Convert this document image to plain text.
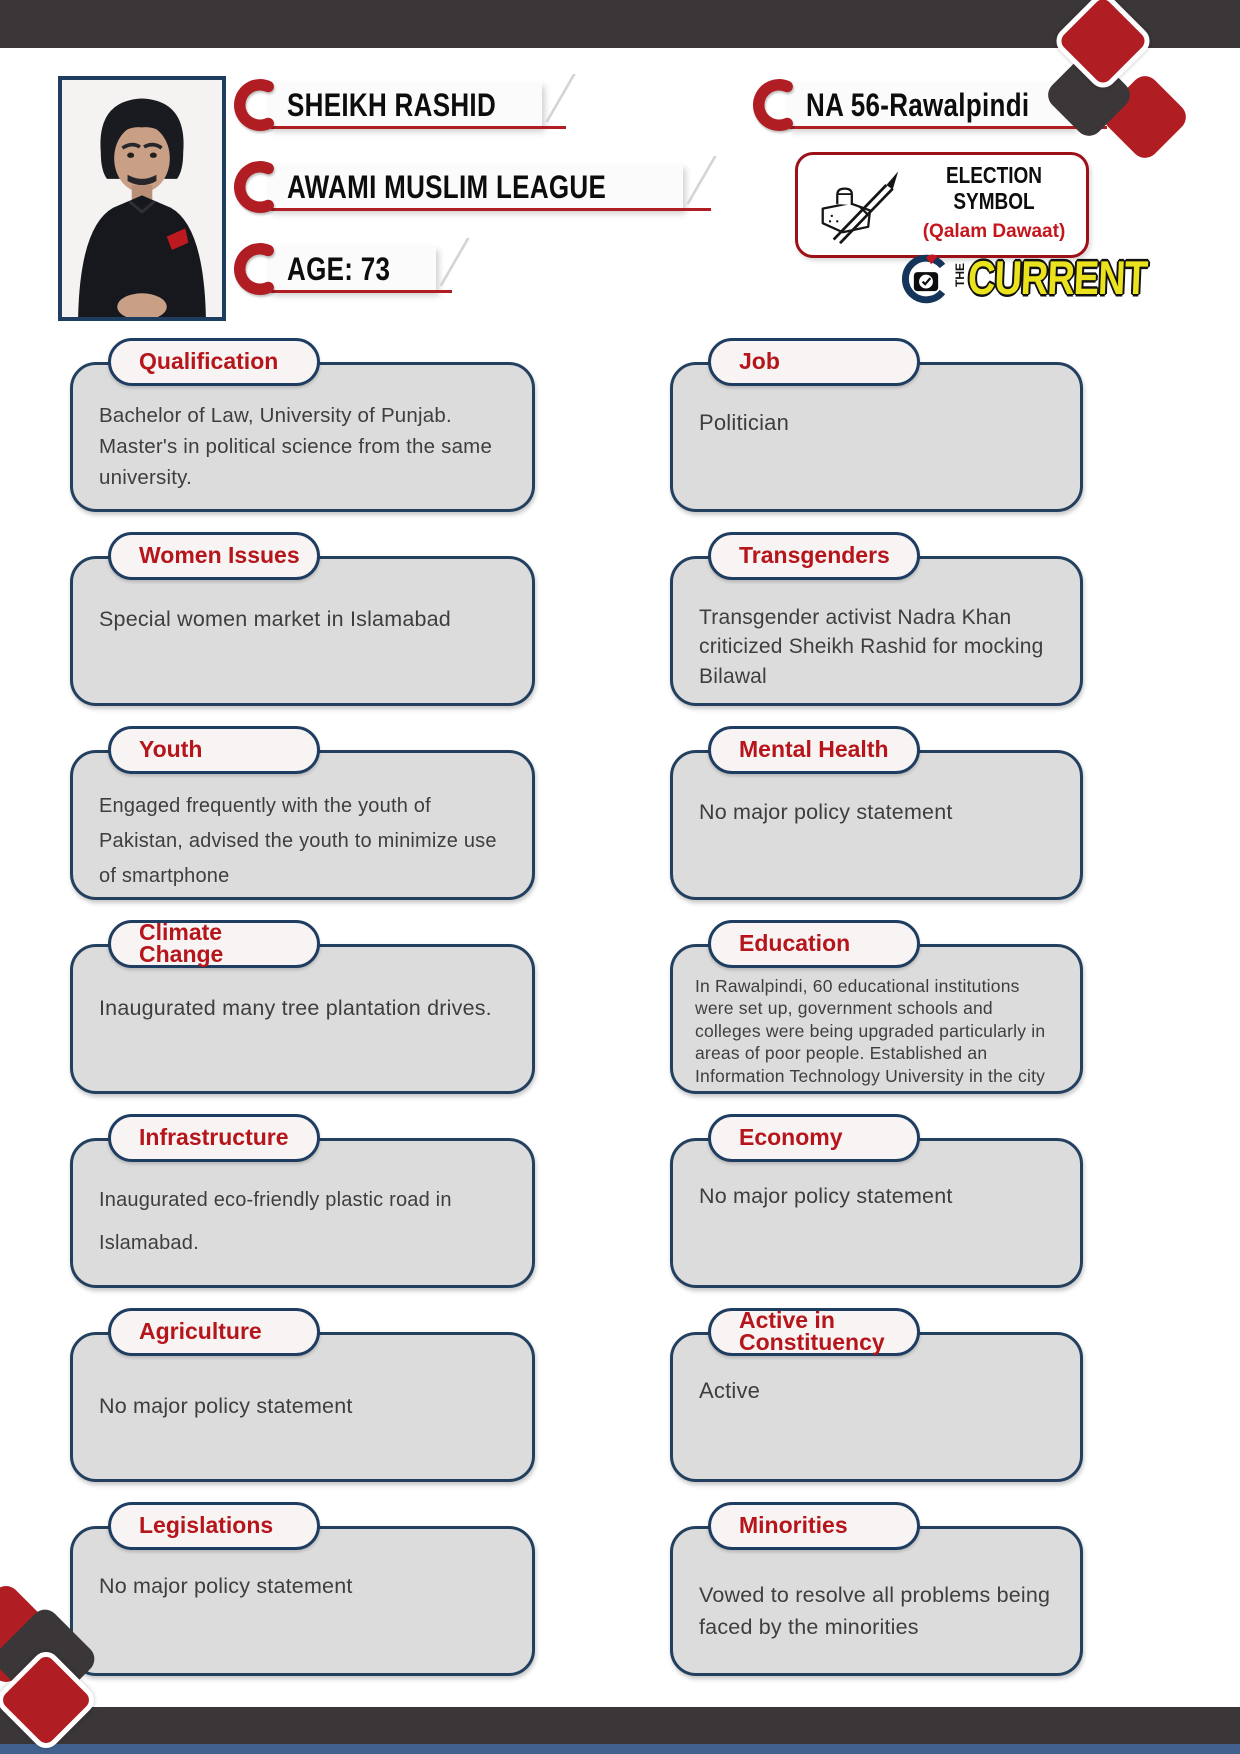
SHEIKH RASHID
AWAMI MUSLIM LEAGUE
AGE: 73
NA 56-Rawalpindi
ELECTION SYMBOL
(Qalam Dawaat)
THE CURRENT
Qualification
Bachelor of Law, University of Punjab. Master's in political science from the same university.
Job
Politician
Women Issues
Special women market in Islamabad
Transgenders
Transgender activist Nadra Khan criticized Sheikh Rashid for mocking Bilawal
Youth
Engaged frequently with the youth of Pakistan, advised the youth to minimize use of smartphone
Mental Health
No major policy statement
Climate Change
Inaugurated many tree plantation drives.
Education
In Rawalpindi, 60 educational institutions were set up, government schools and colleges were being upgraded particularly in areas of poor people. Established an Information Technology University in the city
Infrastructure
Inaugurated eco-friendly plastic road in Islamabad.
Economy
No major policy statement
Agriculture
No major policy statement
Active in Constituency
Active
Legislations
No major policy statement
Minorities
Vowed to resolve all problems being faced by the minorities
